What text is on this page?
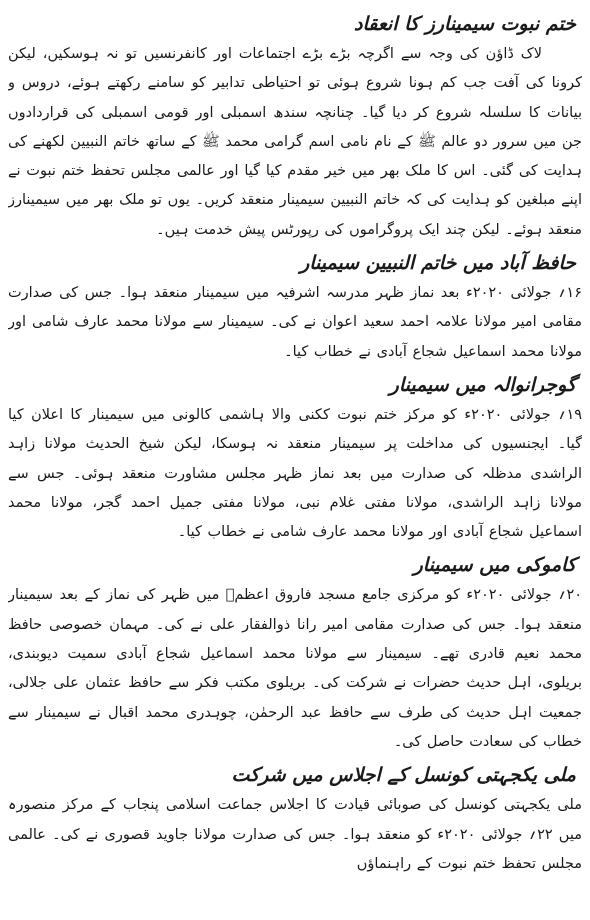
ختم نبوت سیمینارز کا انعقاد

لاک ڈاؤن کی وجہ سے اگرچہ بڑے بڑے اجتماعات اور کانفرنسیں تو نہ ہوسکیں، لیکن کرونا کی آفت جب کم ہونا شروع ہوئی تو احتیاطی تدابیر کو سامنے رکھتے ہوئے، دروس و بیانات کا سلسلہ شروع کر دیا گیا۔ چنانچہ سندھ اسمبلی اور قومی اسمبلی کی قراردادوں جن میں سرور دو عالم ﷺ کے نام نامی اسم گرامی محمد ﷺ کے ساتھ خاتم النبیین لکھنے کی ہدایت کی گئی۔ اس کا ملک بھر میں خیر مقدم کیا گیا اور عالمی مجلس تحفظ ختم نبوت نے اپنے مبلغین کو ہدایت کی کہ خاتم النبیین سیمینار منعقد کریں۔ یوں تو ملک بھر میں سیمینارز منعقد ہوئے۔ لیکن چند ایک پروگراموں کی رپورٹس پیش خدمت ہیں۔

حافظ آباد میں خاتم النبیین سیمینار

۱۶؍ جولائی ۲۰۲۰ء بعد نماز ظہر مدرسہ اشرفیہ میں سیمینار منعقد ہوا۔ جس کی صدارت مقامی امیر مولانا علامہ احمد سعید اعوان نے کی۔ سیمینار سے مولانا محمد عارف شامی اور مولانا محمد اسماعیل شجاع آبادی نے خطاب کیا۔

گوجرانوالہ میں سیمینار

۱۹؍ جولائی ۲۰۲۰ء کو مرکز ختم نبوت ککنی والا ہاشمی کالونی میں سیمینار کا اعلان کیا گیا۔ ایجنسیوں کی مداخلت پر سیمینار منعقد نہ ہوسکا، لیکن شیخ الحدیث مولانا زاہد الراشدی مدظلہ کی صدارت میں بعد نماز ظہر مجلس مشاورت منعقد ہوئی۔ جس سے مولانا زاہد الراشدی، مولانا مفتی غلام نبی، مولانا مفتی جمیل احمد گجر، مولانا محمد اسماعیل شجاع آبادی اور مولانا محمد عارف شامی نے خطاب کیا۔

کاموکی میں سیمینار

۲۰؍ جولائی ۲۰۲۰ء کو مرکزی جامع مسجد فاروق اعظمؓ میں ظہر کی نماز کے بعد سیمینار منعقد ہوا۔ جس کی صدارت مقامی امیر رانا ذوالفقار علی نے کی۔ مہمان خصوصی حافظ محمد نعیم قادری تھے۔ سیمینار سے مولانا محمد اسماعیل شجاع آبادی سمیت دیوبندی، بریلوی، اہل حدیث حضرات نے شرکت کی۔ بریلوی مکتب فکر سے حافظ عثمان علی جلالی، جمعیت اہل حدیث کی طرف سے حافظ عبد الرحمٰن، چوہدری محمد اقبال نے سیمینار سے خطاب کی سعادت حاصل کی۔

ملی یکجہتی کونسل کے اجلاس میں شرکت

ملی یکجہتی کونسل کی صوبائی قیادت کا اجلاس جماعت اسلامی پنجاب کے مرکز منصورہ میں ۲۲؍ جولائی ۲۰۲۰ء کو منعقد ہوا۔ جس کی صدارت مولانا جاوید قصوری نے کی۔ عالمی مجلس تحفظ ختم نبوت کے راہنماؤں
